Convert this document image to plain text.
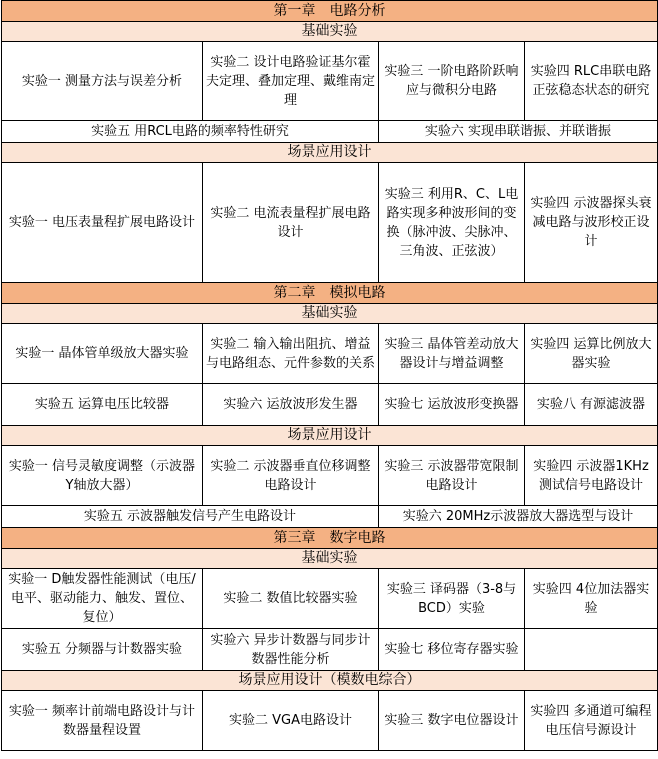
第一章　电路分析			
基础实验			
实验一 测量方法与误差分析	实验二 设计电路验证基尔霍夫定理、叠加定理、戴维南定理	实验三 一阶电路阶跃响应与微积分电路	实验四 RLC串联电路正弦稳态状态的研究
实验五 用RCL电路的频率特性研究		实验六 实现串联谐振、并联谐振	
场景应用设计			
实验一 电压表量程扩展电路设计	实验二 电流表量程扩展电路设计	实验三 利用R、C、L电路实现多种波形间的变换（脉冲波、尖脉冲、三角波、正弦波）	实验四 示波器探头衰减电路与波形校正设计
第二章　模拟电路			
基础实验			
实验一 晶体管单级放大器实验	实验二 输入输出阻抗、增益与电路组态、元件参数的关系	实验三 晶体管差动放大器设计与增益调整	实验四 运算比例放大器实验
实验五 运算电压比较器	实验六 运放波形发生器	实验七 运放波形变换器	实验八 有源滤波器
场景应用设计			
实验一 信号灵敏度调整（示波器Y轴放大器）	实验二 示波器垂直位移调整电路设计	实验三 示波器带宽限制电路设计	实验四 示波器1KHz测试信号电路设计
实验五 示波器触发信号产生电路设计		实验六 20MHz示波器放大器选型与设计	
第三章　数字电路			
基础实验			
实验一 D触发器性能测试（电压/电平、驱动能力、触发、置位、复位）	实验二 数值比较器实验	实验三 译码器（3-8与BCD）实验	实验四 4位加法器实验
实验五 分频器与计数器实验	实验六 异步计数器与同步计数器性能分析	实验七 移位寄存器实验	
场景应用设计（模数电综合）			
实验一 频率计前端电路设计与计数器量程设置	实验二 VGA电路设计	实验三 数字电位器设计	实验四 多通道可编程电压信号源设计
